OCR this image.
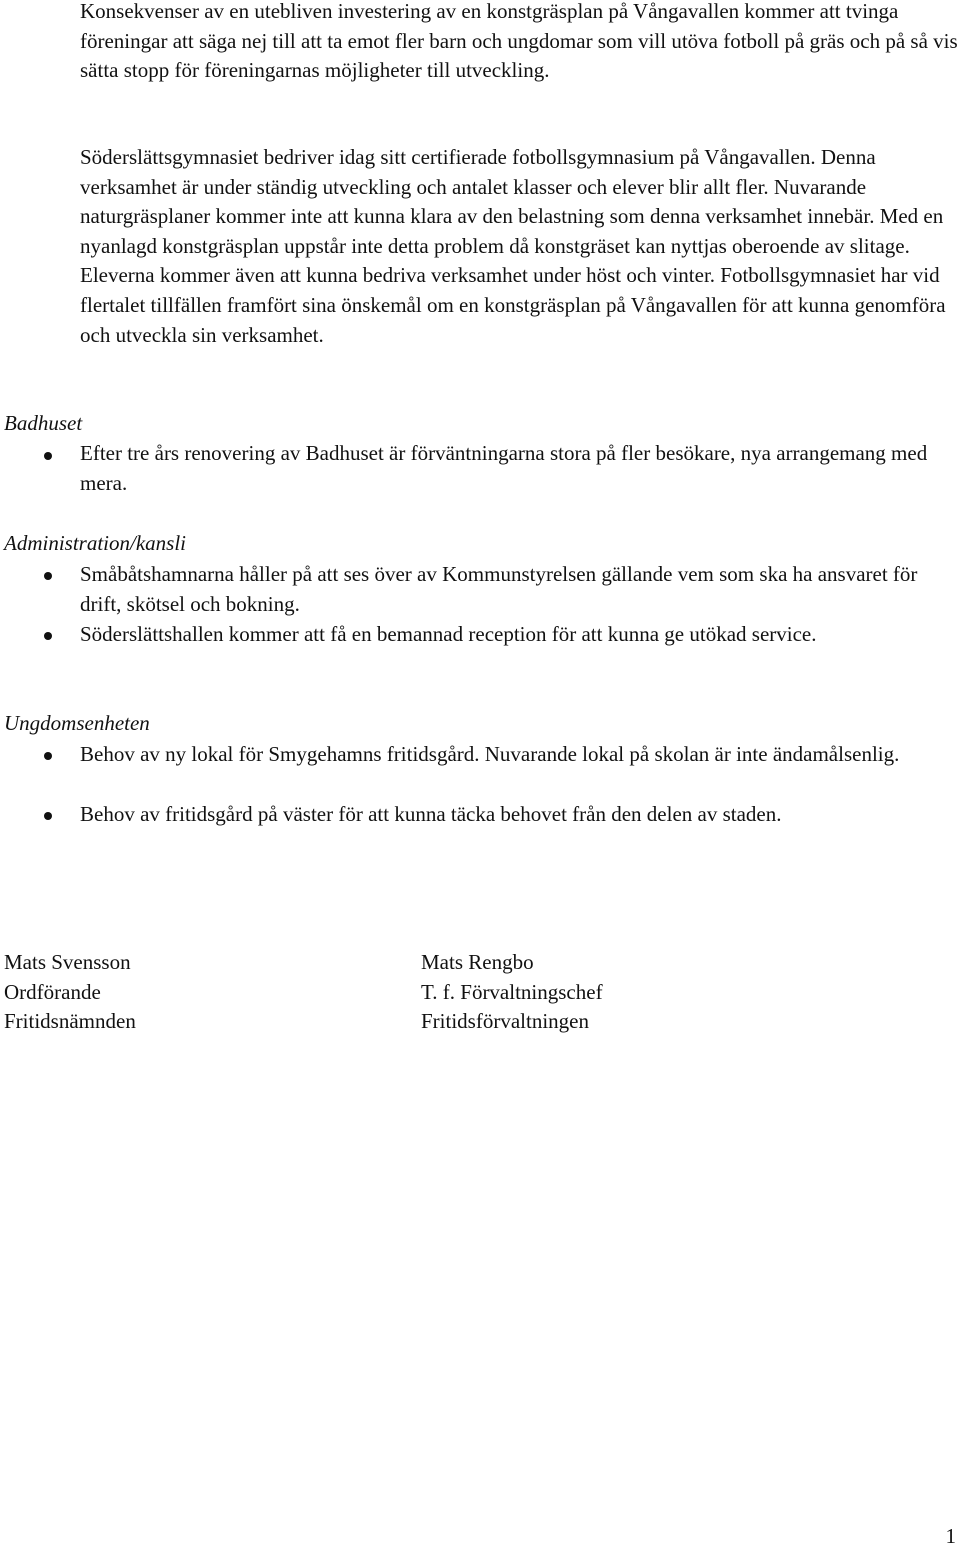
Konsekvenser av en utebliven investering av en konstgräsplan på Vångavallen kommer att tvinga föreningar att säga nej till att ta emot fler barn och ungdomar som vill utöva fotboll på gräs och på så vis sätta stopp för föreningarnas möjligheter till utveckling.

Söderslättsgymnasiet bedriver idag sitt certifierade fotbollsgymnasium på Vångavallen. Denna verksamhet är under ständig utveckling och antalet klasser och elever blir allt fler. Nuvarande naturgräsplaner kommer inte att kunna klara av den belastning som denna verksamhet innebär. Med en nyanlagd konstgräsplan uppstår inte detta problem då konstgräset kan nyttjas oberoende av slitage. Eleverna kommer även att kunna bedriva verksamhet under höst och vinter. Fotbollsgymnasiet har vid flertalet tillfällen framfört sina önskemål om en konstgräsplan på Vångavallen för att kunna genomföra och utveckla sin verksamhet.

Badhuset

Efter tre års renovering av Badhuset är förväntningarna stora på fler besökare, nya arrangemang med mera.

Administration/kansli

Småbåtshamnarna håller på att ses över av Kommunstyrelsen gällande vem som ska ha ansvaret för drift, skötsel och bokning.

Söderslättshallen kommer att få en bemannad reception för att kunna ge utökad service.

Ungdomsenheten

Behov av ny lokal för Smygehamns fritidsgård. Nuvarande lokal på skolan är inte ändamålsenlig.

Behov av fritidsgård på väster för att kunna täcka behovet från den delen av staden.

Mats Svensson
Ordförande
Fritidsnämnden
Mats Rengbo
T. f. Förvaltningschef
Fritidsförvaltningen

1
